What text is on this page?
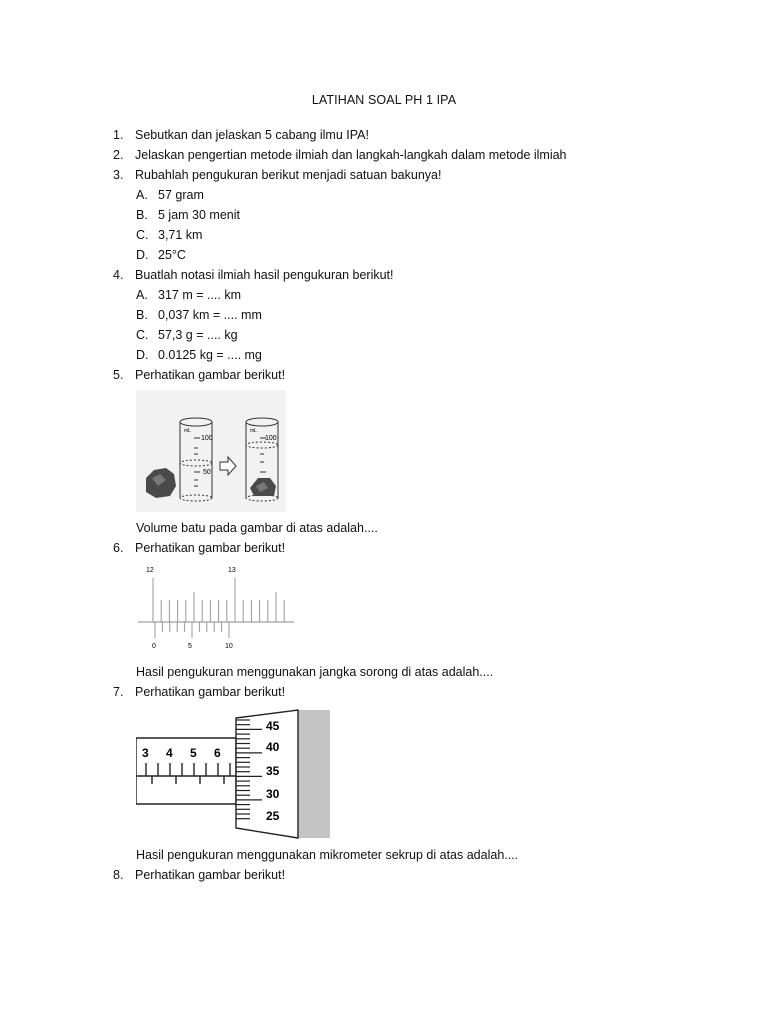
LATIHAN SOAL PH 1 IPA
1. Sebutkan dan jelaskan 5 cabang ilmu IPA!
2. Jelaskan pengertian metode ilmiah dan langkah-langkah dalam metode ilmiah
3. Rubahlah pengukuran berikut menjadi satuan bakunya!
A. 57 gram
B. 5 jam 30 menit
C. 3,71 km
D. 25°C
4. Buatlah notasi ilmiah hasil pengukuran berikut!
A. 317 m = .... km
B. 0,037 km = .... mm
C. 57,3 g = .... kg
D. 0.0125 kg = .... mg
5. Perhatikan gambar berikut!
mL
100
50
mL
100
Volume batu pada gambar di atas adalah....
6. Perhatikan gambar berikut!
12	13
0	5	10
Hasil pengukuran menggunakan jangka sorong di atas adalah....
7. Perhatikan gambar berikut!
3 4 5 6
45
40
35
30
25
Hasil pengukuran menggunakan mikrometer sekrup di atas adalah....
8. Perhatikan gambar berikut!
